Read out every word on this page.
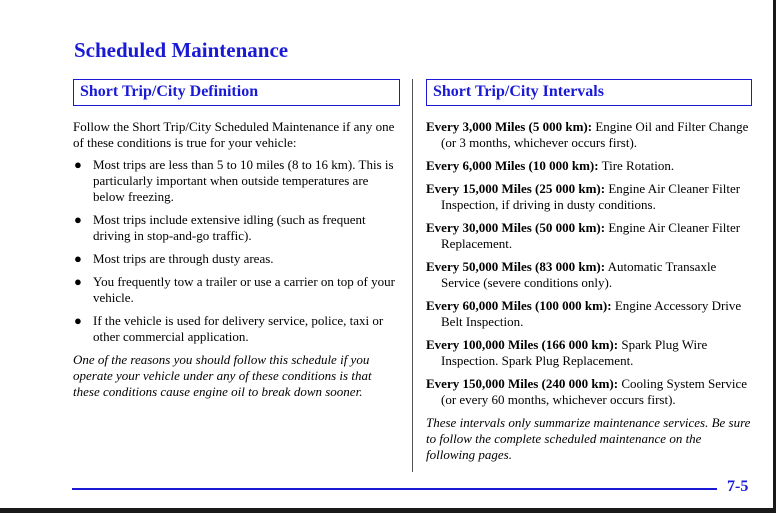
Scheduled Maintenance
Short Trip/City Definition
Follow the Short Trip/City Scheduled Maintenance if any one of these conditions is true for your vehicle:
● Most trips are less than 5 to 10 miles (8 to 16 km). This is particularly important when outside temperatures are below freezing.
● Most trips include extensive idling (such as frequent driving in stop-and-go traffic).
● Most trips are through dusty areas.
● You frequently tow a trailer or use a carrier on top of your vehicle.
● If the vehicle is used for delivery service, police, taxi or other commercial application.
One of the reasons you should follow this schedule if you operate your vehicle under any of these conditions is that these conditions cause engine oil to break down sooner.
Short Trip/City Intervals
Every 3,000 Miles (5 000 km): Engine Oil and Filter Change (or 3 months, whichever occurs first).
Every 6,000 Miles (10 000 km): Tire Rotation.
Every 15,000 Miles (25 000 km): Engine Air Cleaner Filter Inspection, if driving in dusty conditions.
Every 30,000 Miles (50 000 km): Engine Air Cleaner Filter Replacement.
Every 50,000 Miles (83 000 km): Automatic Transaxle Service (severe conditions only).
Every 60,000 Miles (100 000 km): Engine Accessory Drive Belt Inspection.
Every 100,000 Miles (166 000 km): Spark Plug Wire Inspection. Spark Plug Replacement.
Every 150,000 Miles (240 000 km): Cooling System Service (or every 60 months, whichever occurs first).
These intervals only summarize maintenance services. Be sure to follow the complete scheduled maintenance on the following pages.
7-5
